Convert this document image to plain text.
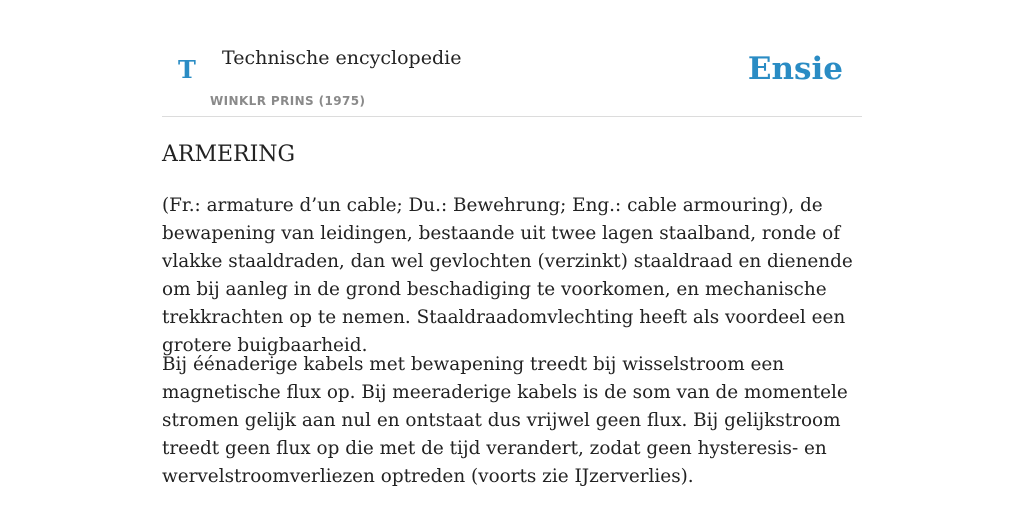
T Technische encyclopedie
WINKLR PRINS (1975)
Ensie
ARMERING

(Fr.: armature d’un cable; Du.: Bewehrung; Eng.: cable armouring), de bewapening van leidingen, bestaande uit twee lagen staalband, ronde of vlakke staaldraden, dan wel gevlochten (verzinkt) staaldraad en dienende om bij aanleg in de grond beschadiging te voorkomen, en mechanische trekkrachten op te nemen. Staaldraadomvlechting heeft als voordeel een grotere buigbaarheid.

Bij éénaderige kabels met bewapening treedt bij wisselstroom een magnetische flux op. Bij meeraderige kabels is de som van de momentele stromen gelijk aan nul en ontstaat dus vrijwel geen flux. Bij gelijkstroom treedt geen flux op die met de tijd verandert, zodat geen hysteresis- en wervelstroomverliezen optreden (voorts zie IJzerverlies).
